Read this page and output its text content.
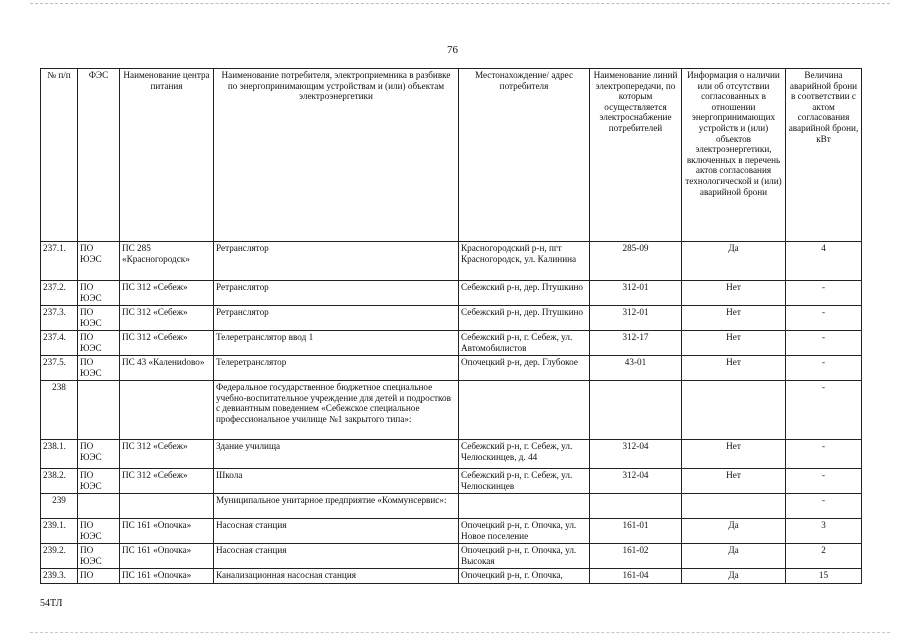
76
№ п/п	ФЭС	Наименование центра питания	Наименование потребителя, электроприемника в разбивке по энергопринимающим устройствам и (или) объектам электроэнергетики	Местонахождение/ адрес потребителя	Наименование линий электропередачи, по которым осуществляется электроснабжение потребителей	Информация о наличии или об отсутствии согласованных в отношении энергопринимающих устройств и (или) объектов электроэнергетики, включенных в перечень актов согласования технологической и (или) аварийной брони	Величина аварийной брони в соответствии с актом согласования аварийной брони, кВт
237.1.	ПО ЮЭС	ПС 285 «Красногородск»	Ретранслятор	Красногородский р-н, пгт Красногородск, ул. Калинина	285-09	Да	4
237.2.	ПО ЮЭС	ПС 312 «Себеж»	Ретранслятор	Себежский р-н, дер. Птушкино	312-01	Нет	-
237.3.	ПО ЮЭС	ПС 312 «Себеж»	Ретранслятор	Себежский р-н, дер. Птушкино	312-01	Нет	-
237.4.	ПО ЮЭС	ПС 312 «Себеж»	Телеретранслятор ввод 1	Себежский р-н, г. Себеж, ул. Автомобилистов	312-17	Нет	-
237.5.	ПО ЮЭС	ПС 43 «Калениdово»	Телеретранслятор	Опочецкий р-н, дер. Глубокое	43-01	Нет	-
238			Федеральное государственное бюджетное специальное учебно-воспитательное учреждение для детей и подростков с девиантным поведением «Себежское специальное профессиональное училище №1 закрытого типа»:				-
238.1.	ПО ЮЭС	ПС 312 «Себеж»	Здание училища	Себежский р-н, г. Себеж, ул. Челюскинцев, д. 44	312-04	Нет	-
238.2.	ПО ЮЭС	ПС 312 «Себеж»	Школа	Себежский р-н, г. Себеж, ул. Челюскинцев	312-04	Нет	-
239			Муниципальное унитарное предприятие «Коммунсервис»:				-
239.1.	ПО ЮЭС	ПС 161 «Опочка»	Насосная станция	Опочецкий р-н, г. Опочка, ул. Новое поселение	161-01	Да	3
239.2.	ПО ЮЭС	ПС 161 «Опочка»	Насосная станция	Опочецкий р-н, г. Опочка, ул. Высокая	161-02	Да	2
239.3.	ПО	ПС 161 «Опочка»	Канализационная насосная станция	Опочецкий р-н, г. Опочка,	161-04	Да	15
54ТЛ
